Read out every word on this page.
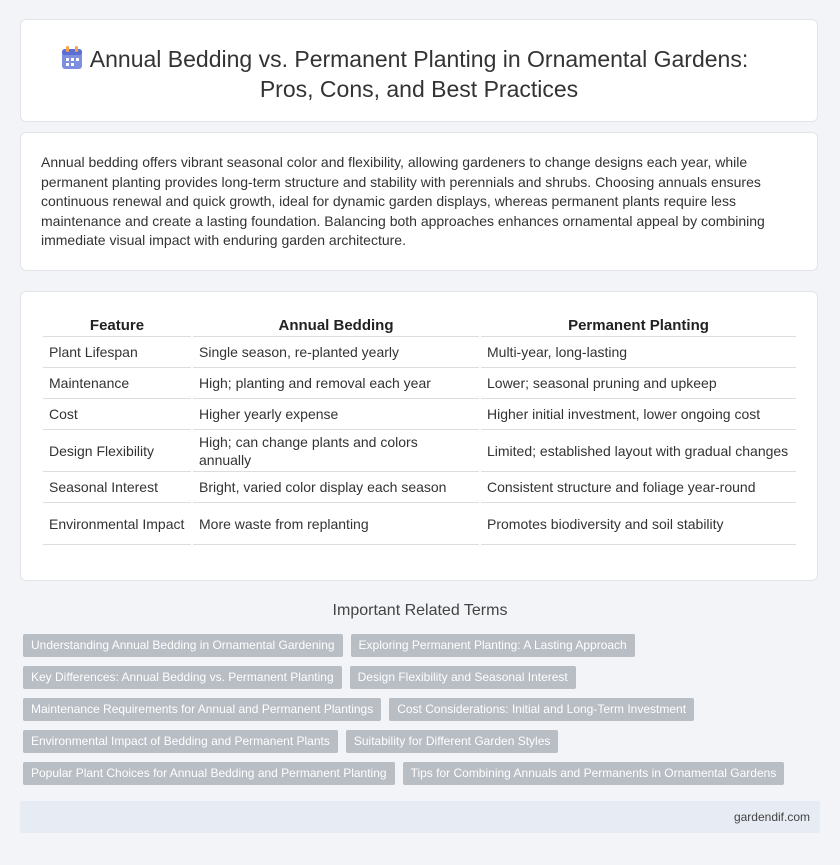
Annual Bedding vs. Permanent Planting in Ornamental Gardens:
Pros, Cons, and Best Practices
Annual bedding offers vibrant seasonal color and flexibility, allowing gardeners to change designs each year, while permanent planting provides long-term structure and stability with perennials and shrubs. Choosing annuals ensures continuous renewal and quick growth, ideal for dynamic garden displays, whereas permanent plants require less maintenance and create a lasting foundation. Balancing both approaches enhances ornamental appeal by combining immediate visual impact with enduring garden architecture.
Feature	Annual Bedding	Permanent Planting
Plant Lifespan	Single season, re-planted yearly	Multi-year, long-lasting
Maintenance	High; planting and removal each year	Lower; seasonal pruning and upkeep
Cost	Higher yearly expense	Higher initial investment, lower ongoing cost
Design Flexibility	High; can change plants and colors annually	Limited; established layout with gradual changes
Seasonal Interest	Bright, varied color display each season	Consistent structure and foliage year-round
Environmental Impact	More waste from replanting	Promotes biodiversity and soil stability
Important Related Terms
Understanding Annual Bedding in Ornamental Gardening	Exploring Permanent Planting: A Lasting Approach
Key Differences: Annual Bedding vs. Permanent Planting	Design Flexibility and Seasonal Interest
Maintenance Requirements for Annual and Permanent Plantings	Cost Considerations: Initial and Long-Term Investment
Environmental Impact of Bedding and Permanent Plants	Suitability for Different Garden Styles
Popular Plant Choices for Annual Bedding and Permanent Planting	Tips for Combining Annuals and Permanents in Ornamental Gardens
gardendif.com
